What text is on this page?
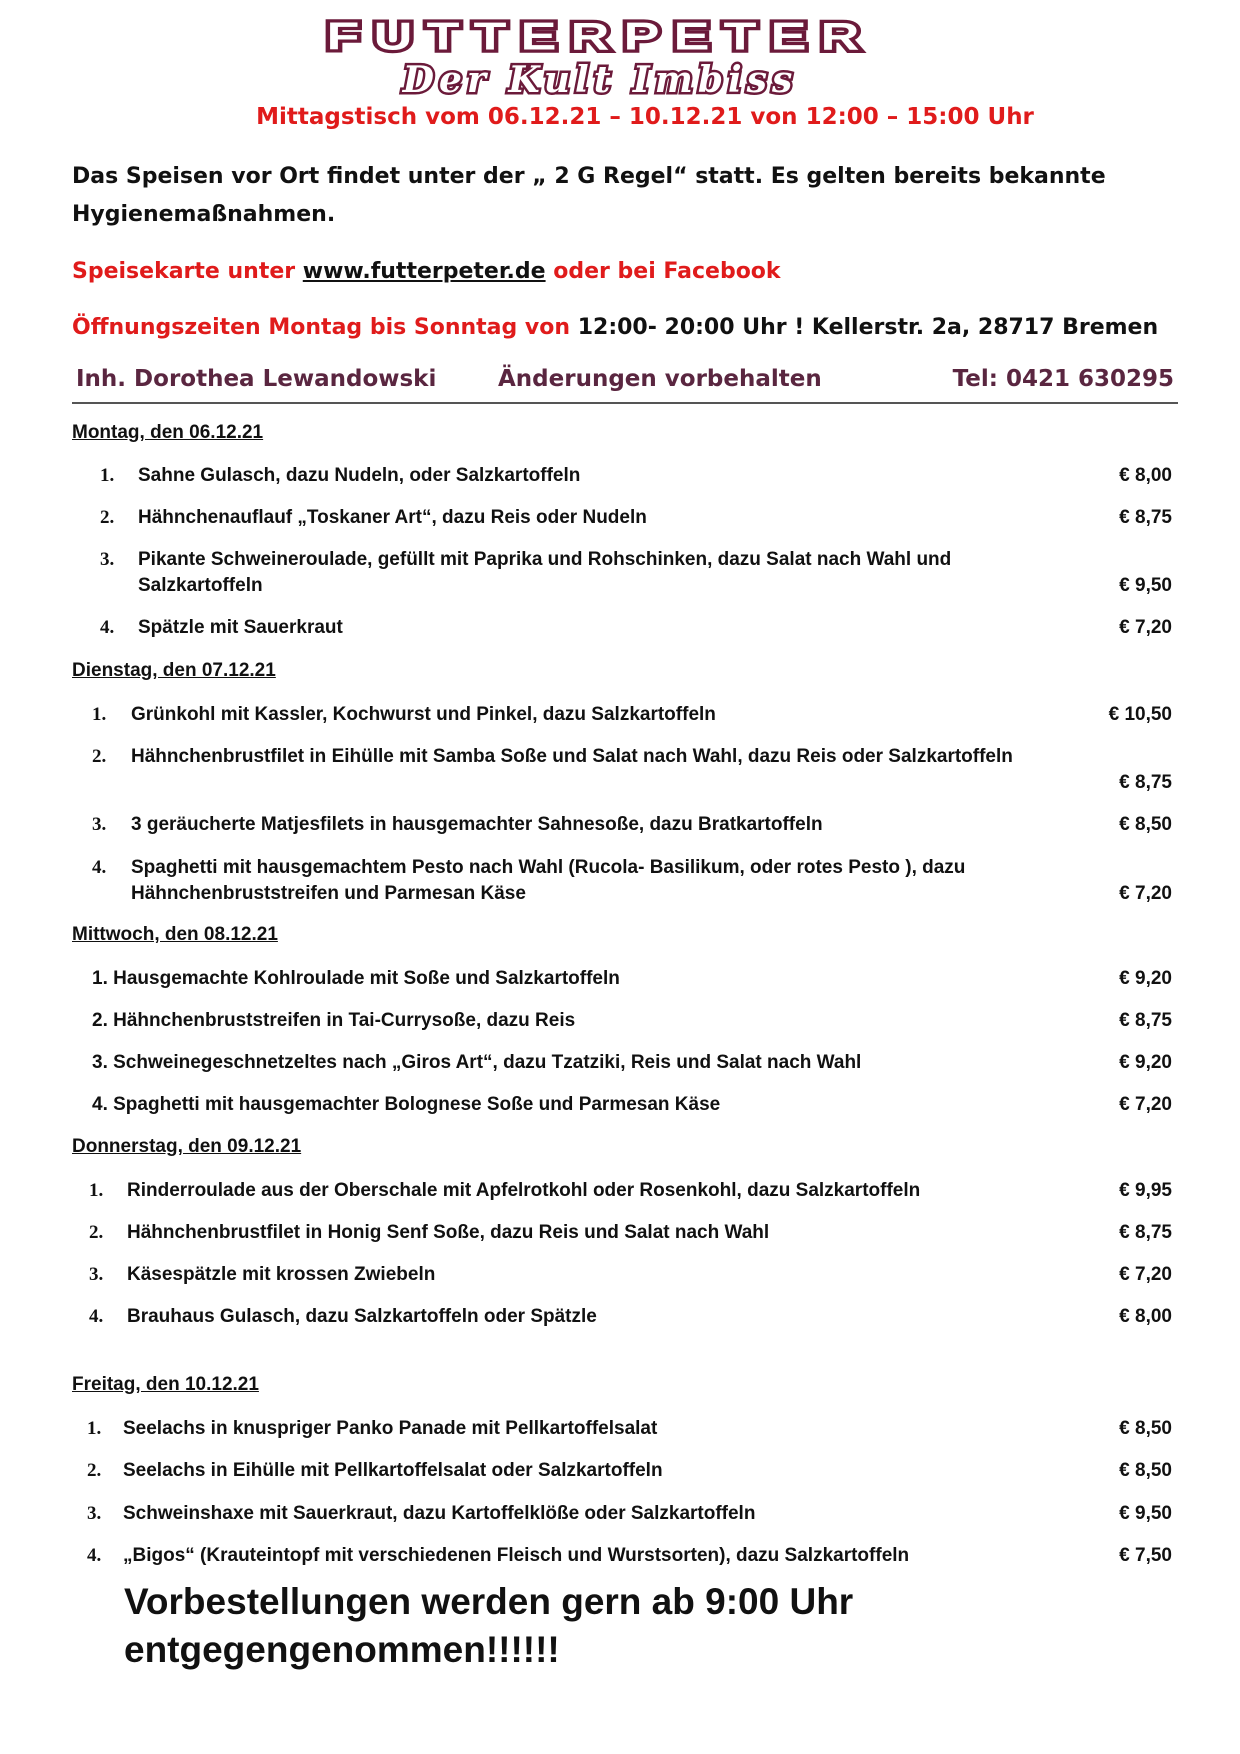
FUTTERPETER
Der Kult Imbiss
Mittagstisch vom 06.12.21 – 10.12.21 von 12:00 – 15:00 Uhr
Das Speisen vor Ort findet unter der „ 2 G Regel“ statt. Es gelten bereits bekannte
Hygienemaßnahmen.
Speisekarte unter www.futterpeter.de oder bei Facebook
Öffnungszeiten Montag bis Sonntag von 12:00- 20:00 Uhr ! Kellerstr. 2a, 28717 Bremen
Inh. Dorothea Lewandowski	Änderungen vorbehalten	Tel: 0421 630295
Montag, den 06.12.21
1. Sahne Gulasch, dazu Nudeln, oder Salzkartoffeln	€ 8,00
2. Hähnchenauflauf „Toskaner Art“, dazu Reis oder Nudeln	€ 8,75
3. Pikante Schweineroulade, gefüllt mit Paprika und Rohschinken, dazu Salat nach Wahl und
Salzkartoffeln	€ 9,50
4. Spätzle mit Sauerkraut	€ 7,20
Dienstag, den 07.12.21
1. Grünkohl mit Kassler, Kochwurst und Pinkel, dazu Salzkartoffeln	€ 10,50
2. Hähnchenbrustfilet in Eihülle mit Samba Soße und Salat nach Wahl, dazu Reis oder Salzkartoffeln
€ 8,75
3. 3 geräucherte Matjesfilets in hausgemachter Sahnesoße, dazu Bratkartoffeln	€ 8,50
4. Spaghetti mit hausgemachtem Pesto nach Wahl (Rucola- Basilikum, oder rotes Pesto ), dazu
Hähnchenbruststreifen und Parmesan Käse	€ 7,20
Mittwoch, den 08.12.21
1. Hausgemachte Kohlroulade mit Soße und Salzkartoffeln	€ 9,20
2. Hähnchenbruststreifen in Tai-Currysoße, dazu Reis	€ 8,75
3. Schweinegeschnetzeltes nach „Giros Art“, dazu Tzatziki, Reis und Salat nach Wahl	€ 9,20
4. Spaghetti mit hausgemachter Bolognese Soße und Parmesan Käse	€ 7,20
Donnerstag, den 09.12.21
1. Rinderroulade aus der Oberschale mit Apfelrotkohl oder Rosenkohl, dazu Salzkartoffeln	€ 9,95
2. Hähnchenbrustfilet in Honig Senf Soße, dazu Reis und Salat nach Wahl	€ 8,75
3. Käsespätzle mit krossen Zwiebeln	€ 7,20
4. Brauhaus Gulasch, dazu Salzkartoffeln oder Spätzle	€ 8,00
Freitag, den 10.12.21
1. Seelachs in knuspriger Panko Panade mit Pellkartoffelsalat	€ 8,50
2. Seelachs in Eihülle mit Pellkartoffelsalat oder Salzkartoffeln	€ 8,50
3. Schweinshaxe mit Sauerkraut, dazu Kartoffelklöße oder Salzkartoffeln	€ 9,50
4. „Bigos“ (Krauteintopf mit verschiedenen Fleisch und Wurstsorten), dazu Salzkartoffeln	€ 7,50
Vorbestellungen werden gern ab 9:00 Uhr
entgegengenommen!!!!!!
